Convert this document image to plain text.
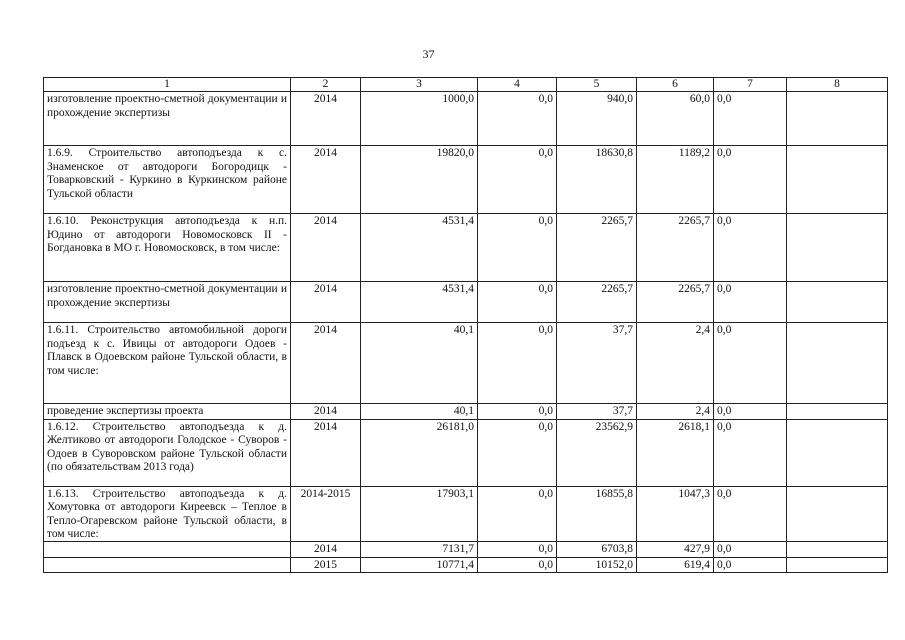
37
1	2	3	4	5	6	7	8
изготовление проектно-сметной документации и прохождение экспертизы	2014	1000,0	0,0	940,0	60,0	0,0	
1.6.9. Строительство автоподъезда к с. Знаменское от автодороги Богородицк - Товарковский - Куркино в Куркинском районе Тульской области	2014	19820,0	0,0	18630,8	1189,2	0,0	
1.6.10. Реконструкция автоподъезда к н.п. Юдино от автодороги Новомосковск II - Богдановка в МО г. Новомосковск, в том числе:	2014	4531,4	0,0	2265,7	2265,7	0,0	
изготовление проектно-сметной документации и прохождение экспертизы	2014	4531,4	0,0	2265,7	2265,7	0,0	
1.6.11. Строительство автомобильной дороги подъезд к с. Ивицы от автодороги Одоев - Плавск в Одоевском районе Тульской области, в том числе:	2014	40,1	0,0	37,7	2,4	0,0	
проведение экспертизы проекта	2014	40,1	0,0	37,7	2,4	0,0	
1.6.12. Строительство автоподъезда к д. Желтиково от автодороги Голодское - Суворов - Одоев в Суворовском районе Тульской области (по обязательствам 2013 года)	2014	26181,0	0,0	23562,9	2618,1	0,0	
1.6.13. Строительство автоподъезда к д. Хомутовка от автодороги Киреевск – Теплое в Тепло-Огаревском районе Тульской области, в том числе:	2014-2015	17903,1	0,0	16855,8	1047,3	0,0	
	2014	7131,7	0,0	6703,8	427,9	0,0	
	2015	10771,4	0,0	10152,0	619,4	0,0	
